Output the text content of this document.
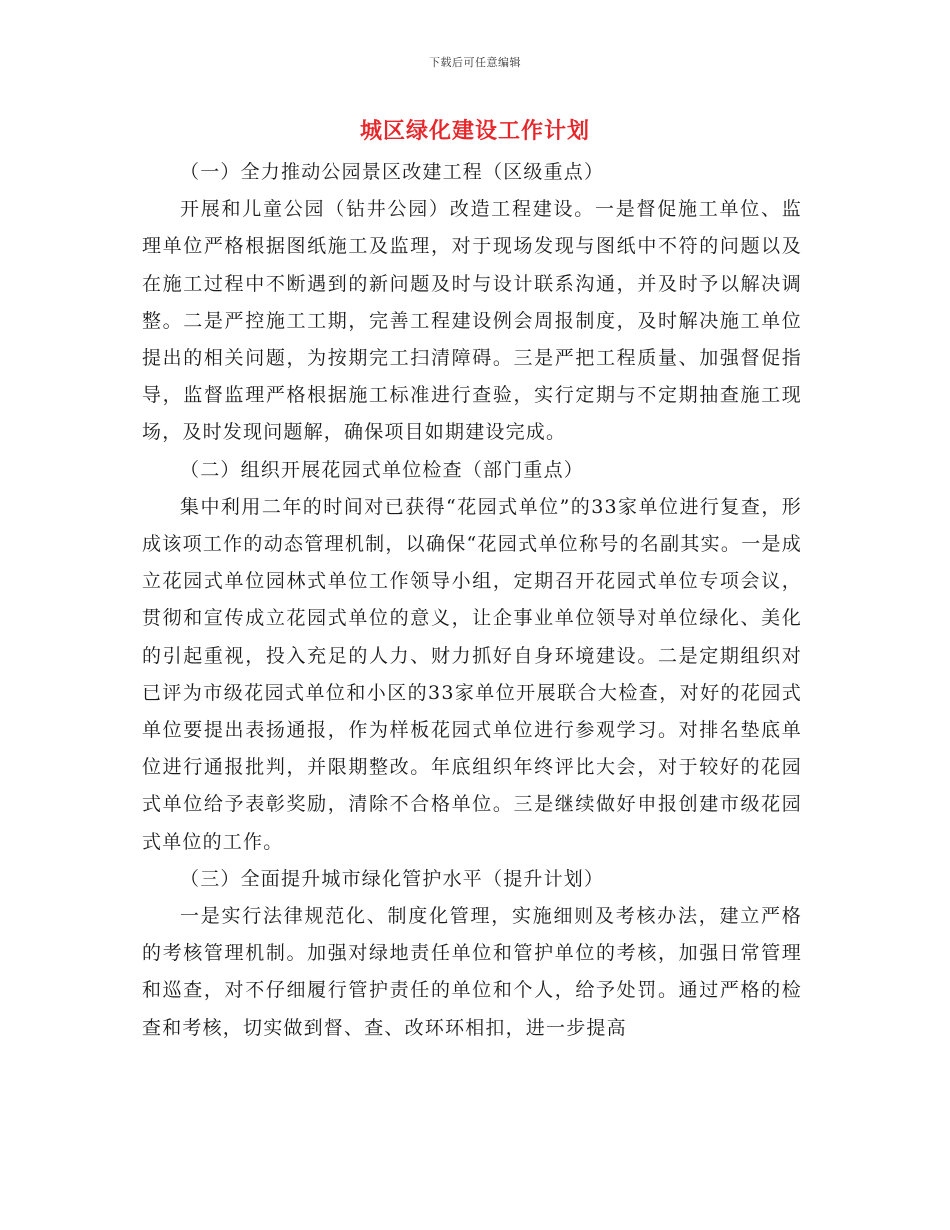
下载后可任意编辑
城区绿化建设工作计划

（一）全力推动公园景区改建工程（区级重点）

开展和儿童公园（钻井公园）改造工程建设。一是督促施工单位、监理单位严格根据图纸施工及监理，对于现场发现与图纸中不符的问题以及在施工过程中不断遇到的新问题及时与设计联系沟通，并及时予以解决调整。二是严控施工工期，完善工程建设例会周报制度，及时解决施工单位提出的相关问题，为按期完工扫清障碍。三是严把工程质量、加强督促指导，监督监理严格根据施工标准进行查验，实行定期与不定期抽查施工现场，及时发现问题解，确保项目如期建设完成。

（二）组织开展花园式单位检查（部门重点）

集中利用二年的时间对已获得“花园式单位”的33家单位进行复查，形成该项工作的动态管理机制，以确保“花园式单位称号的名副其实。一是成立花园式单位园林式单位工作领导小组，定期召开花园式单位专项会议，贯彻和宣传成立花园式单位的意义，让企事业单位领导对单位绿化、美化的引起重视，投入充足的人力、财力抓好自身环境建设。二是定期组织对已评为市级花园式单位和小区的33家单位开展联合大检查，对好的花园式单位要提出表扬通报，作为样板花园式单位进行参观学习。对排名垫底单位进行通报批判，并限期整改。年底组织年终评比大会，对于较好的花园式单位给予表彰奖励，清除不合格单位。三是继续做好申报创建市级花园式单位的工作。

（三）全面提升城市绿化管护水平（提升计划）

一是实行法律规范化、制度化管理，实施细则及考核办法，建立严格的考核管理机制。加强对绿地责任单位和管护单位的考核，加强日常管理和巡查，对不仔细履行管护责任的单位和个人，给予处罚。通过严格的检查和考核，切实做到督、查、改环环相扣，进一步提高
